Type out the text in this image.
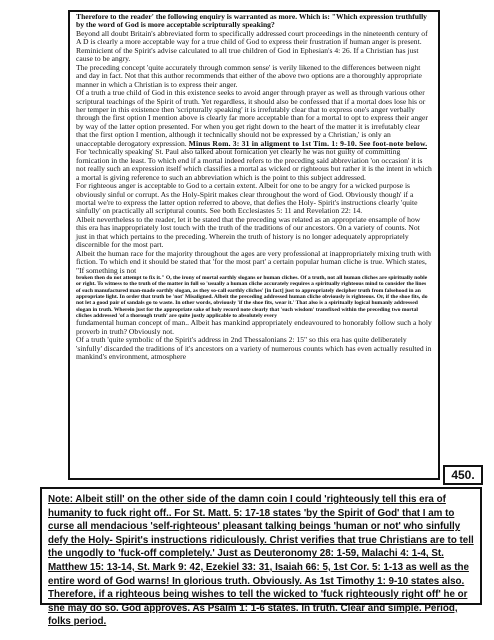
Therefore to the reader' the following enquiry is warranted as more. Which is: "Which expression truthfully by the word of God is more acceptable scripturally speaking?

Beyond all doubt Britain's abbreviated form to specifically addressed court proceedings in the nineteenth century of A D is clearly a more acceptable way for a true child of God to express their frustration if human anger is present. Reminicient of the Spirit's advise calculated to all true children of God in Ephesian's 4: 26. If a Christian has just cause to be angry.

The preceding concept 'quite accurately through common sense' is verily likened to the differences between night and day in fact. Not that this author recommends that either of the above two options are a thoroughly appropriate manner in which a Christian is to express their anger.

Of a truth a true child of God in this existence seeks to avoid anger through prayer as well as through various other scriptural teachings of the Spirit of truth. Yet regardless, it should also be confessed that if a mortal does lose his or her temper in this existence then 'scripturally speaking' it is irrefutably clear that to express one's anger verbally through the first option I mention above is clearly far more acceptable than for a mortal to opt to express their anger by way of the latter option presented. For when you get right down to the heart of the matter it is irrefutably clear that the first option I mention, although it technically should not be expressed by a Christian,' is only an unacceptable derogatory expression. Minus Rom. 3: 31 in aligment to 1st Tim. 1: 9-10. See foot-note below.

For 'technically speaking' St. Paul also talked about fornication yet clearly he was not guilty of committing fornication in the least. To which end if a mortal indeed refers to the preceding said abbreviation 'on occasion' it is not really such an expression itself which classifies a mortal as wicked or righteous but rather it is the intent in which a mortal is giving reference to such an abbreviation which is the point to this subject addressed.

For righteous anger is acceptable to God to a certain extent. Albeit for one to be angry for a wicked purpose is obviously sinful or corrupt. As the Holy-Spirit makes clear throughout the word of God. Obviously though' if a mortal we're to express the latter option referred to above, that defies the Holy- Spirit's instructions clearly 'quite sinfully' on practically all scriptural counts. See both Ecclesiastes 5: 11 and Revelation 22: 14.

Albeit nevertheless to the reader, let it be stated that the preceding was related as an appropriate ensample of how this era has inappropriately lost touch with the truth of the traditions of our ancestors. On a variety of counts. Not just in that which pertains to the preceding. Wherein the truth of history is no longer adequately appropriately discernible for the most part.

Albeit the human race for the majority throughout the ages are very professional at inappropriately mixing truth with fiction. To which end it should be stated that 'for the most part' a certain popular human cliche is true. Which states, "If something is not

broken then do not attempt to fix it." O, the irony of mortal earthly slogans or human cliches. Of a truth, not all human cliches are spiritually noble or right. To witness to the truth of the matter in full so 'usually a human cliche accurately requires a spiritually righteous mind to consider the lines of such manufactured man-made earthly slogan, as they so-call earthly cliches' [in fact] just to appropriately decipher truth from falsehood in an appropriate light. In order that truth be 'not' Misaligned. Albeit the preceding addressed human cliche obviously is righteous. Or, if the shoe fits, do not let a good pair of sandals go to waste. In other words, obviously 'if the shoe fits, wear it.' That also is a spiritually logical humanly addressed slogan in truth. Wherein just for the appropriate sake of holy record note clearly that 'such wisdom' transfixed within the preceding two mortal cliches addressed 'of a thorough truth' are quite justly applicable to absolutely every

fundamental human concept of man.. Albeit has mankind appropriately endeavoured to honorably follow such a holy proverb in truth? Obviously not.

Of a truth 'quite symbolic of the Spirit's address in 2nd Thessalonians 2: 15" so this era has quite deliberately 'sinfully' discarded the traditions of it's ancestors on a variety of numerous counts which has even actually resulted in mankind's environment, atmosphere

450.

Note: Albeit still' on the other side of the damn coin I could 'righteously tell this era of humanity to fuck right off.. For St. Matt. 5: 17-18 states 'by the Spirit of God' that I am to curse all mendacious 'self-righteous' pleasant talking beings 'human or not' who sinfully defy the Holy- Spirit's instructions ridiculously. Christ verifies that true Christians are to tell the ungodly to 'fuck-off completely.' Just as Deuteronomy 28: 1-59, Malachi 4: 1-4, St. Matthew 15: 13-14, St. Mark 9: 42, Ezekiel 33: 31, Isaiah 66: 5, 1st Cor. 5: 1-13 as well as the entire word of God warns! In glorious truth. Obviously. As 1st Timothy 1: 9-10 states also. Therefore, if a righteous being wishes to tell the wicked to 'fuck righteously right off' he or she may do so. God approves. As Psalm 1: 1-6 states. In truth. Clear and simple. Period, folks period.
